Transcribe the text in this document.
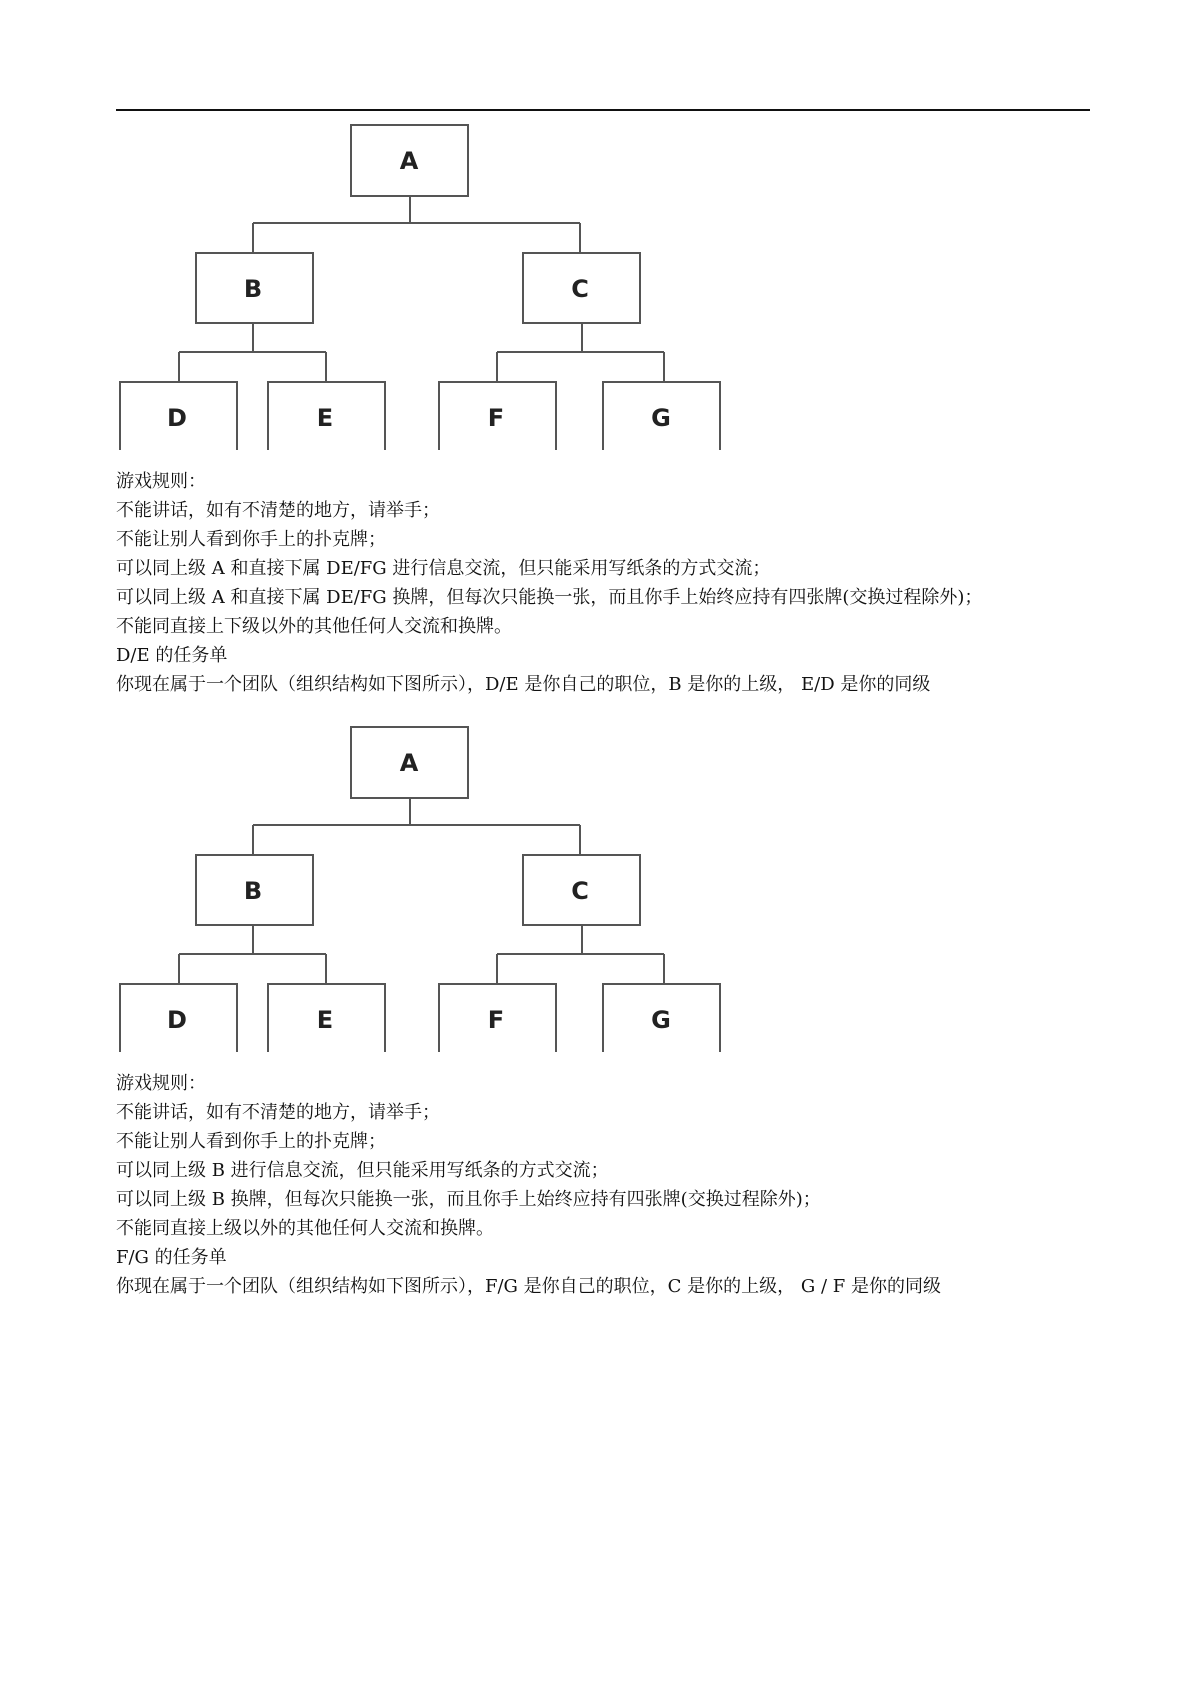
A
B	C
D	E	F	G

游戏规则：

不能讲话，如有不清楚的地方，请举手；

不能让别人看到你手上的扑克牌；

可以同上级 A 和直接下属 DE/FG 进行信息交流，但只能采用写纸条的方式交流；

可以同上级 A 和直接下属 DE/FG 换牌，但每次只能换一张，而且你手上始终应持有四张牌(交换过程除外)；

不能同直接上下级以外的其他任何人交流和换牌。

D/E 的任务单

你现在属于一个团队（组织结构如下图所示），D/E 是你自己的职位，B 是你的上级， E/D 是你的同级

A
B	C
D	E	F	G

游戏规则：

不能讲话，如有不清楚的地方，请举手；

不能让别人看到你手上的扑克牌；

可以同上级 B 进行信息交流，但只能采用写纸条的方式交流；

可以同上级 B 换牌，但每次只能换一张，而且你手上始终应持有四张牌(交换过程除外)；

不能同直接上级以外的其他任何人交流和换牌。

F/G 的任务单

你现在属于一个团队（组织结构如下图所示），F/G 是你自己的职位，C 是你的上级， G / F 是你的同级
